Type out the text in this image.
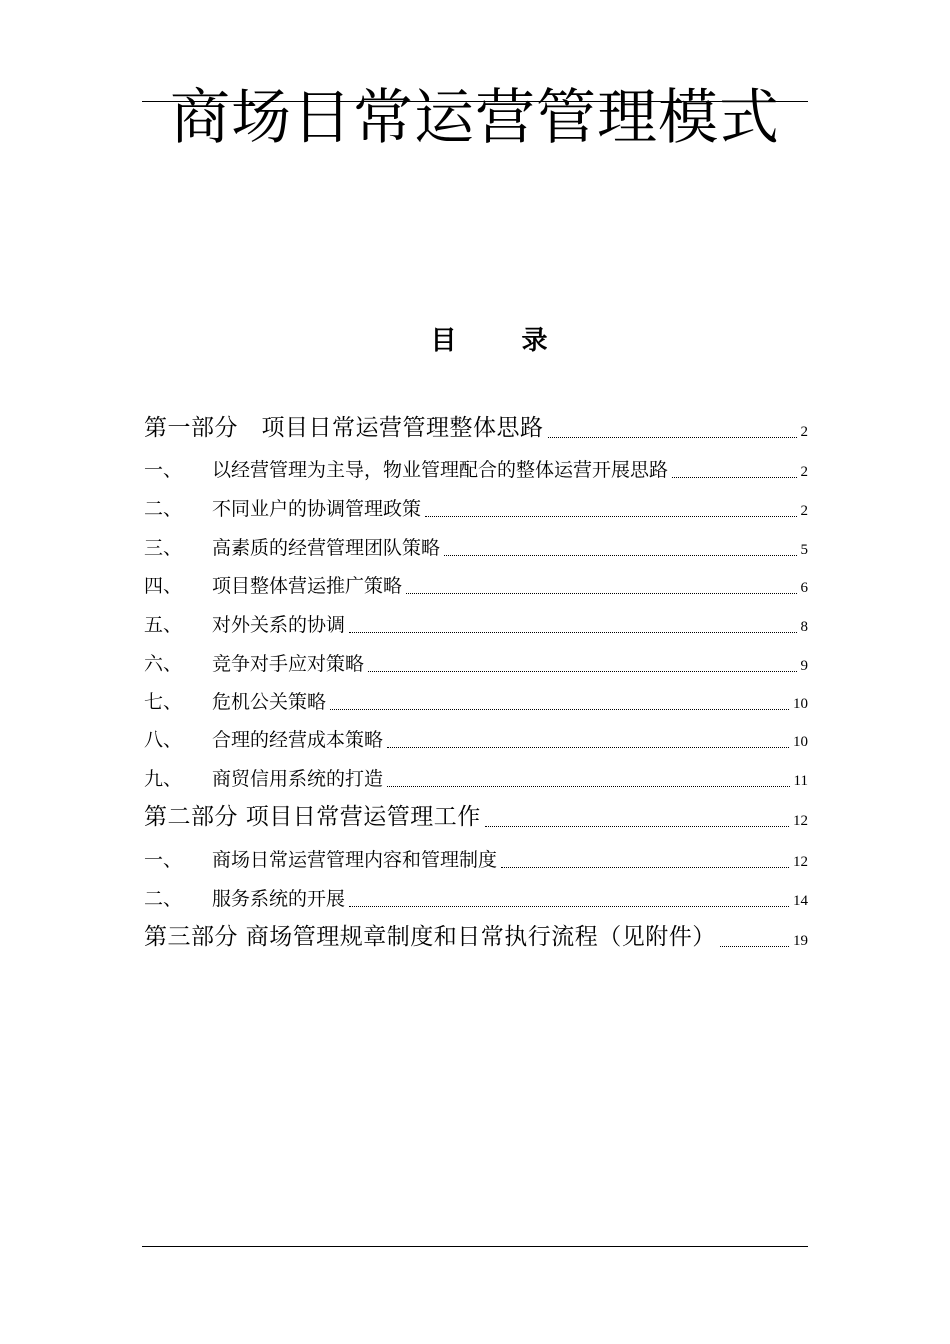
商场日常运营管理模式
目 录
第一部分　项目日常运营管理整体思路	2
一、	以经营管理为主导，物业管理配合的整体运营开展思路	2
二、	不同业户的协调管理政策	2
三、	高素质的经营管理团队策略	5
四、	项目整体营运推广策略	6
五、	对外关系的协调	8
六、	竞争对手应对策略	9
七、	危机公关策略	10
八、	合理的经营成本策略	10
九、	商贸信用系统的打造	11
第二部分 项目日常营运管理工作	12
一、	商场日常运营管理内容和管理制度	12
二、	服务系统的开展	14
第三部分 商场管理规章制度和日常执行流程（见附件）	19
